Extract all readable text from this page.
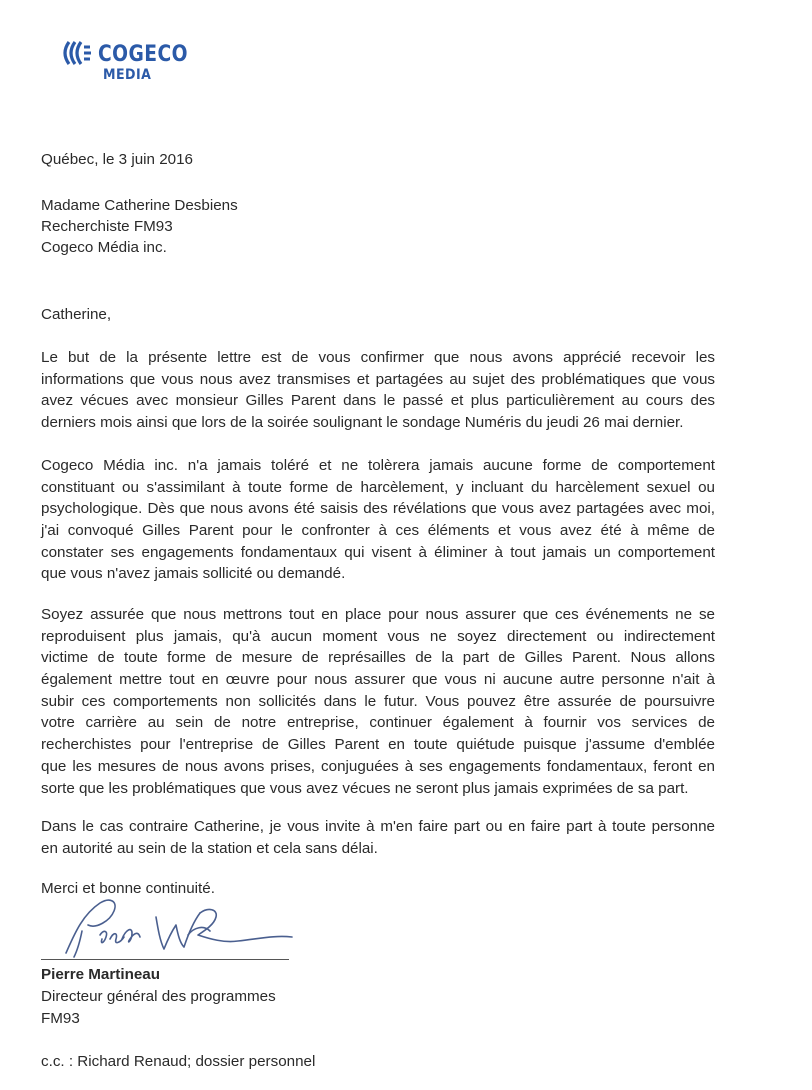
COGECO
MEDIA
Québec, le 3 juin 2016
Madame Catherine Desbiens
Recherchiste FM93
Cogeco Média inc.
Catherine,
Le but de la présente lettre est de vous confirmer que nous avons apprécié recevoir les
informations que vous nous avez transmises et partagées au sujet des problématiques que vous
avez vécues avec monsieur Gilles Parent dans le passé et plus particulièrement au cours des
derniers mois ainsi que lors de la soirée soulignant le sondage Numéris du jeudi 26 mai dernier.
Cogeco Média inc. n'a jamais toléré et ne tolèrera jamais aucune forme de comportement
constituant ou s'assimilant à toute forme de harcèlement, y incluant du harcèlement sexuel ou
psychologique. Dès que nous avons été saisis des révélations que vous avez partagées avec moi,
j'ai convoqué Gilles Parent pour le confronter à ces éléments et vous avez été à même de
constater ses engagements fondamentaux qui visent à éliminer à tout jamais un comportement
que vous n'avez jamais sollicité ou demandé.
Soyez assurée que nous mettrons tout en place pour nous assurer que ces événements ne se
reproduisent plus jamais, qu'à aucun moment vous ne soyez directement ou indirectement
victime de toute forme de mesure de représailles de la part de Gilles Parent. Nous allons
également mettre tout en œuvre pour nous assurer que vous ni aucune autre personne n'ait à
subir ces comportements non sollicités dans le futur. Vous pouvez être assurée de poursuivre
votre carrière au sein de notre entreprise, continuer également à fournir vos services de
recherchistes pour l'entreprise de Gilles Parent en toute quiétude puisque j'assume d'emblée
que les mesures de nous avons prises, conjuguées à ses engagements fondamentaux, feront en
sorte que les problématiques que vous avez vécues ne seront plus jamais exprimées de sa part.
Dans le cas contraire Catherine, je vous invite à m'en faire part ou en faire part à toute personne
en autorité au sein de la station et cela sans délai.
Merci et bonne continuité.
Pierre Martineau
Directeur général des programmes
FM93
c.c. : Richard Renaud; dossier personnel
